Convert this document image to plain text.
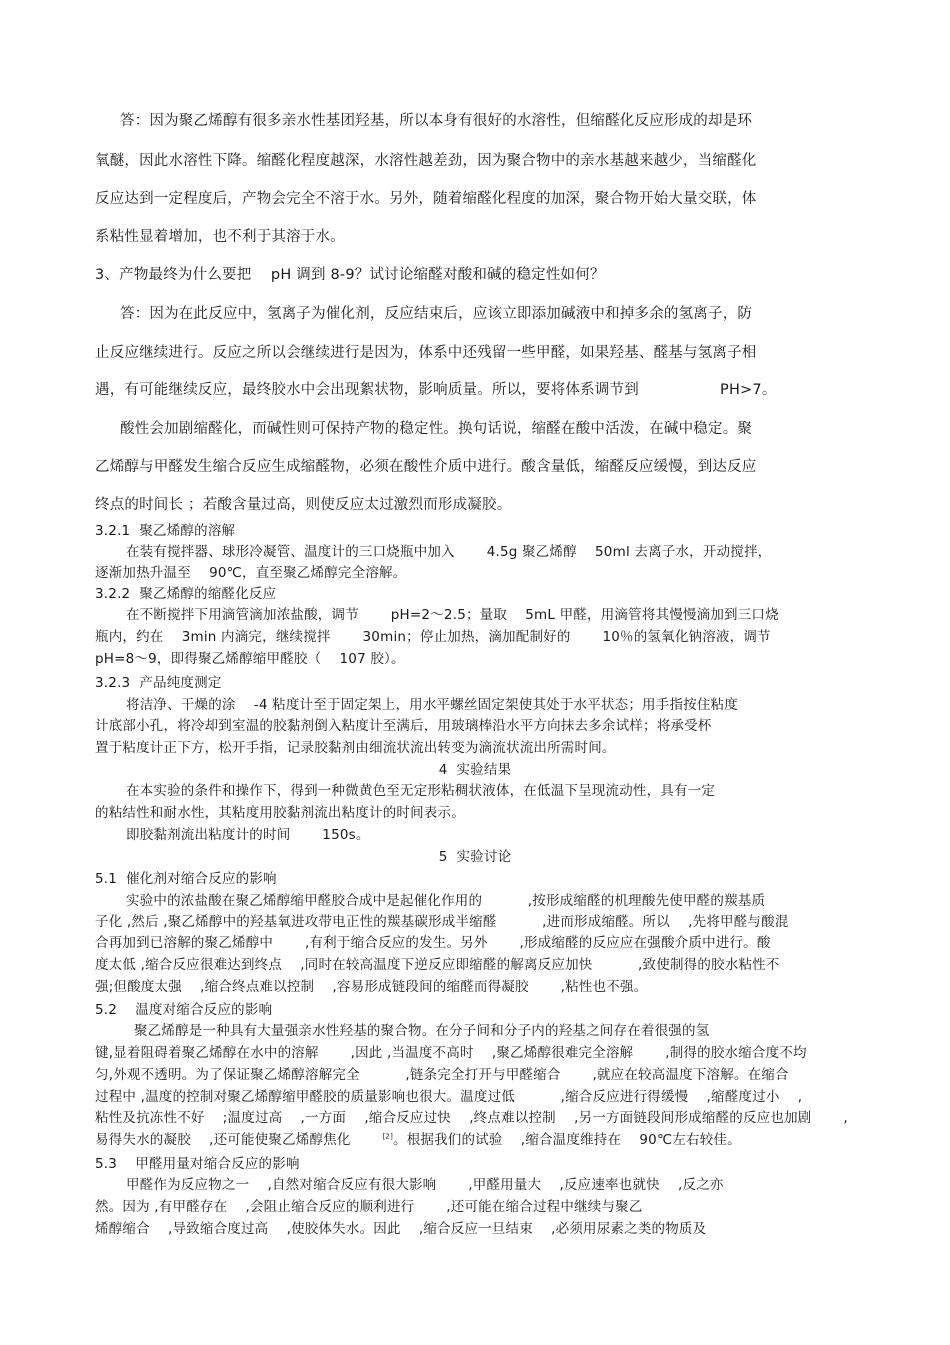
答：因为聚乙烯醇有很多亲水性基团羟基，所以本身有很好的水溶性，但缩醛化反应形成的却是环
氧醚，因此水溶性下降。缩醛化程度越深，水溶性越差劲，因为聚合物中的亲水基越来越少，当缩醛化
反应达到一定程度后，产物会完全不溶于水。另外，随着缩醛化程度的加深，聚合物开始大量交联，体
系粘性显着增加，也不利于其溶于水。
3、产物最终为什么要把 　pH 调到 8-9？试讨论缩醛对酸和碱的稳定性如何？
答：因为在此反应中，氢离子为催化剂，反应结束后，应该立即添加碱液中和掉多余的氢离子，防
止反应继续进行。反应之所以会继续进行是因为，体系中还残留一些甲醛，如果羟基、醛基与氢离子相
遇，有可能继续反应，最终胶水中会出现絮状物，影响质量。所以，要将体系调节到	PH>7。
酸性会加剧缩醛化，而碱性则可保持产物的稳定性。换句话说，缩醛在酸中活泼，在碱中稳定。聚
乙烯醇与甲醛发生缩合反应生成缩醛物，必须在酸性介质中进行。酸含量低，缩醛反应缓慢，到达反应
终点的时间长 ；若酸含量过高，则使反应太过激烈而形成凝胶。
3.2.1  聚乙烯醇的溶解
在装有搅拌器、球形冷凝管、温度计的三口烧瓶中加入 　　4.5g 聚乙烯醇 　50ml 去离子水，开动搅拌，
逐渐加热升温至 　90℃，直至聚乙烯醇完全溶解。
3.2.2  聚乙烯醇的缩醛化反应
在不断搅拌下用滴管滴加浓盐酸，调节 　　pH=2～2.5；量取 　5mL 甲醛，用滴管将其慢慢滴加到三口烧
瓶内，约在 　3min 内滴完，继续搅拌 　　30min；停止加热，滴加配制好的 　　10％的氢氧化钠溶液，调节
pH=8～9，即得聚乙烯醇缩甲醛胶（ 　107 胶）。
3.2.3  产品纯度测定
将洁净、干燥的涂 　-4 粘度计至于固定架上，用水平螺丝固定架使其处于水平状态；用手指按住粘度
计底部小孔，将冷却到室温的胶黏剂倒入粘度计至满后，用玻璃棒沿水平方向抹去多余试样；将承受杯
置于粘度计正下方，松开手指，记录胶黏剂由细流状流出转变为滴流状流出所需时间。
4  实验结果
在本实验的条件和操作下，得到一种微黄色至无定形粘稠状液体，在低温下呈现流动性，具有一定
的粘结性和耐水性，其粘度用胶黏剂流出粘度计的时间表示。
即胶黏剂流出粘度计的时间 　　150s。
5  实验讨论
5.1  催化剂对缩合反应的影响
实验中的浓盐酸在聚乙烯醇缩甲醛胶合成中是起催化作用的 　　　,按形成缩醛的机理酸先使甲醛的羰基质
子化 ,然后 ,聚乙烯醇中的羟基氧进攻带电正性的羰基碳形成半缩醛 　　　,进而形成缩醛。所以 　,先将甲醛与酸混
合再加到已溶解的聚乙烯醇中 　　,有利于缩合反应的发生。另外 　　,形成缩醛的反应应在强酸介质中进行。酸
度太低 ,缩合反应很难达到终点 　,同时在较高温度下逆反应即缩醛的解离反应加快 　　　,致使制得的胶水粘性不
强;但酸度太强 　,缩合终点难以控制 　,容易形成链段间的缩醛而得凝胶 　　,粘性也不强。
5.2 　温度对缩合反应的影响
聚乙烯醇是一种具有大量强亲水性羟基的聚合物。在分子间和分子内的羟基之间存在着很强的氢
键,显着阻碍着聚乙烯醇在水中的溶解 　　,因此 ,当温度不高时 　,聚乙烯醇很难完全溶解 　　,制得的胶水缩合度不均
匀,外观不透明。为了保证聚乙烯醇溶解完全 　　　,链条完全打开与甲醛缩合 　　,就应在较高温度下溶解。在缩合
过程中 ,温度的控制对聚乙烯醇缩甲醛胶的质量影响也很大。温度过低 　　　,缩合反应进行得缓慢 　,缩醛度过小 　,
粘性及抗冻性不好 　;温度过高 　,一方面 　,缩合反应过快 　,终点难以控制 　,另一方面链段间形成缩醛的反应也加剧 　　,
易得失水的凝胶 　,还可能使聚乙烯醇焦化 　　[2]。根据我们的试验 　,缩合温度维持在 　90℃左右较佳。
5.3 　甲醛用量对缩合反应的影响
甲醛作为反应物之一 　,自然对缩合反应有很大影响 　　,甲醛用量大 　,反应速率也就快 　,反之亦
然。因为 ,有甲醛存在 　,会阻止缩合反应的顺利进行 　　,还可能在缩合过程中继续与聚乙
烯醇缩合 　,导致缩合度过高 　,使胶体失水。因此 　,缩合反应一旦结束 　,必须用尿素之类的物质及
